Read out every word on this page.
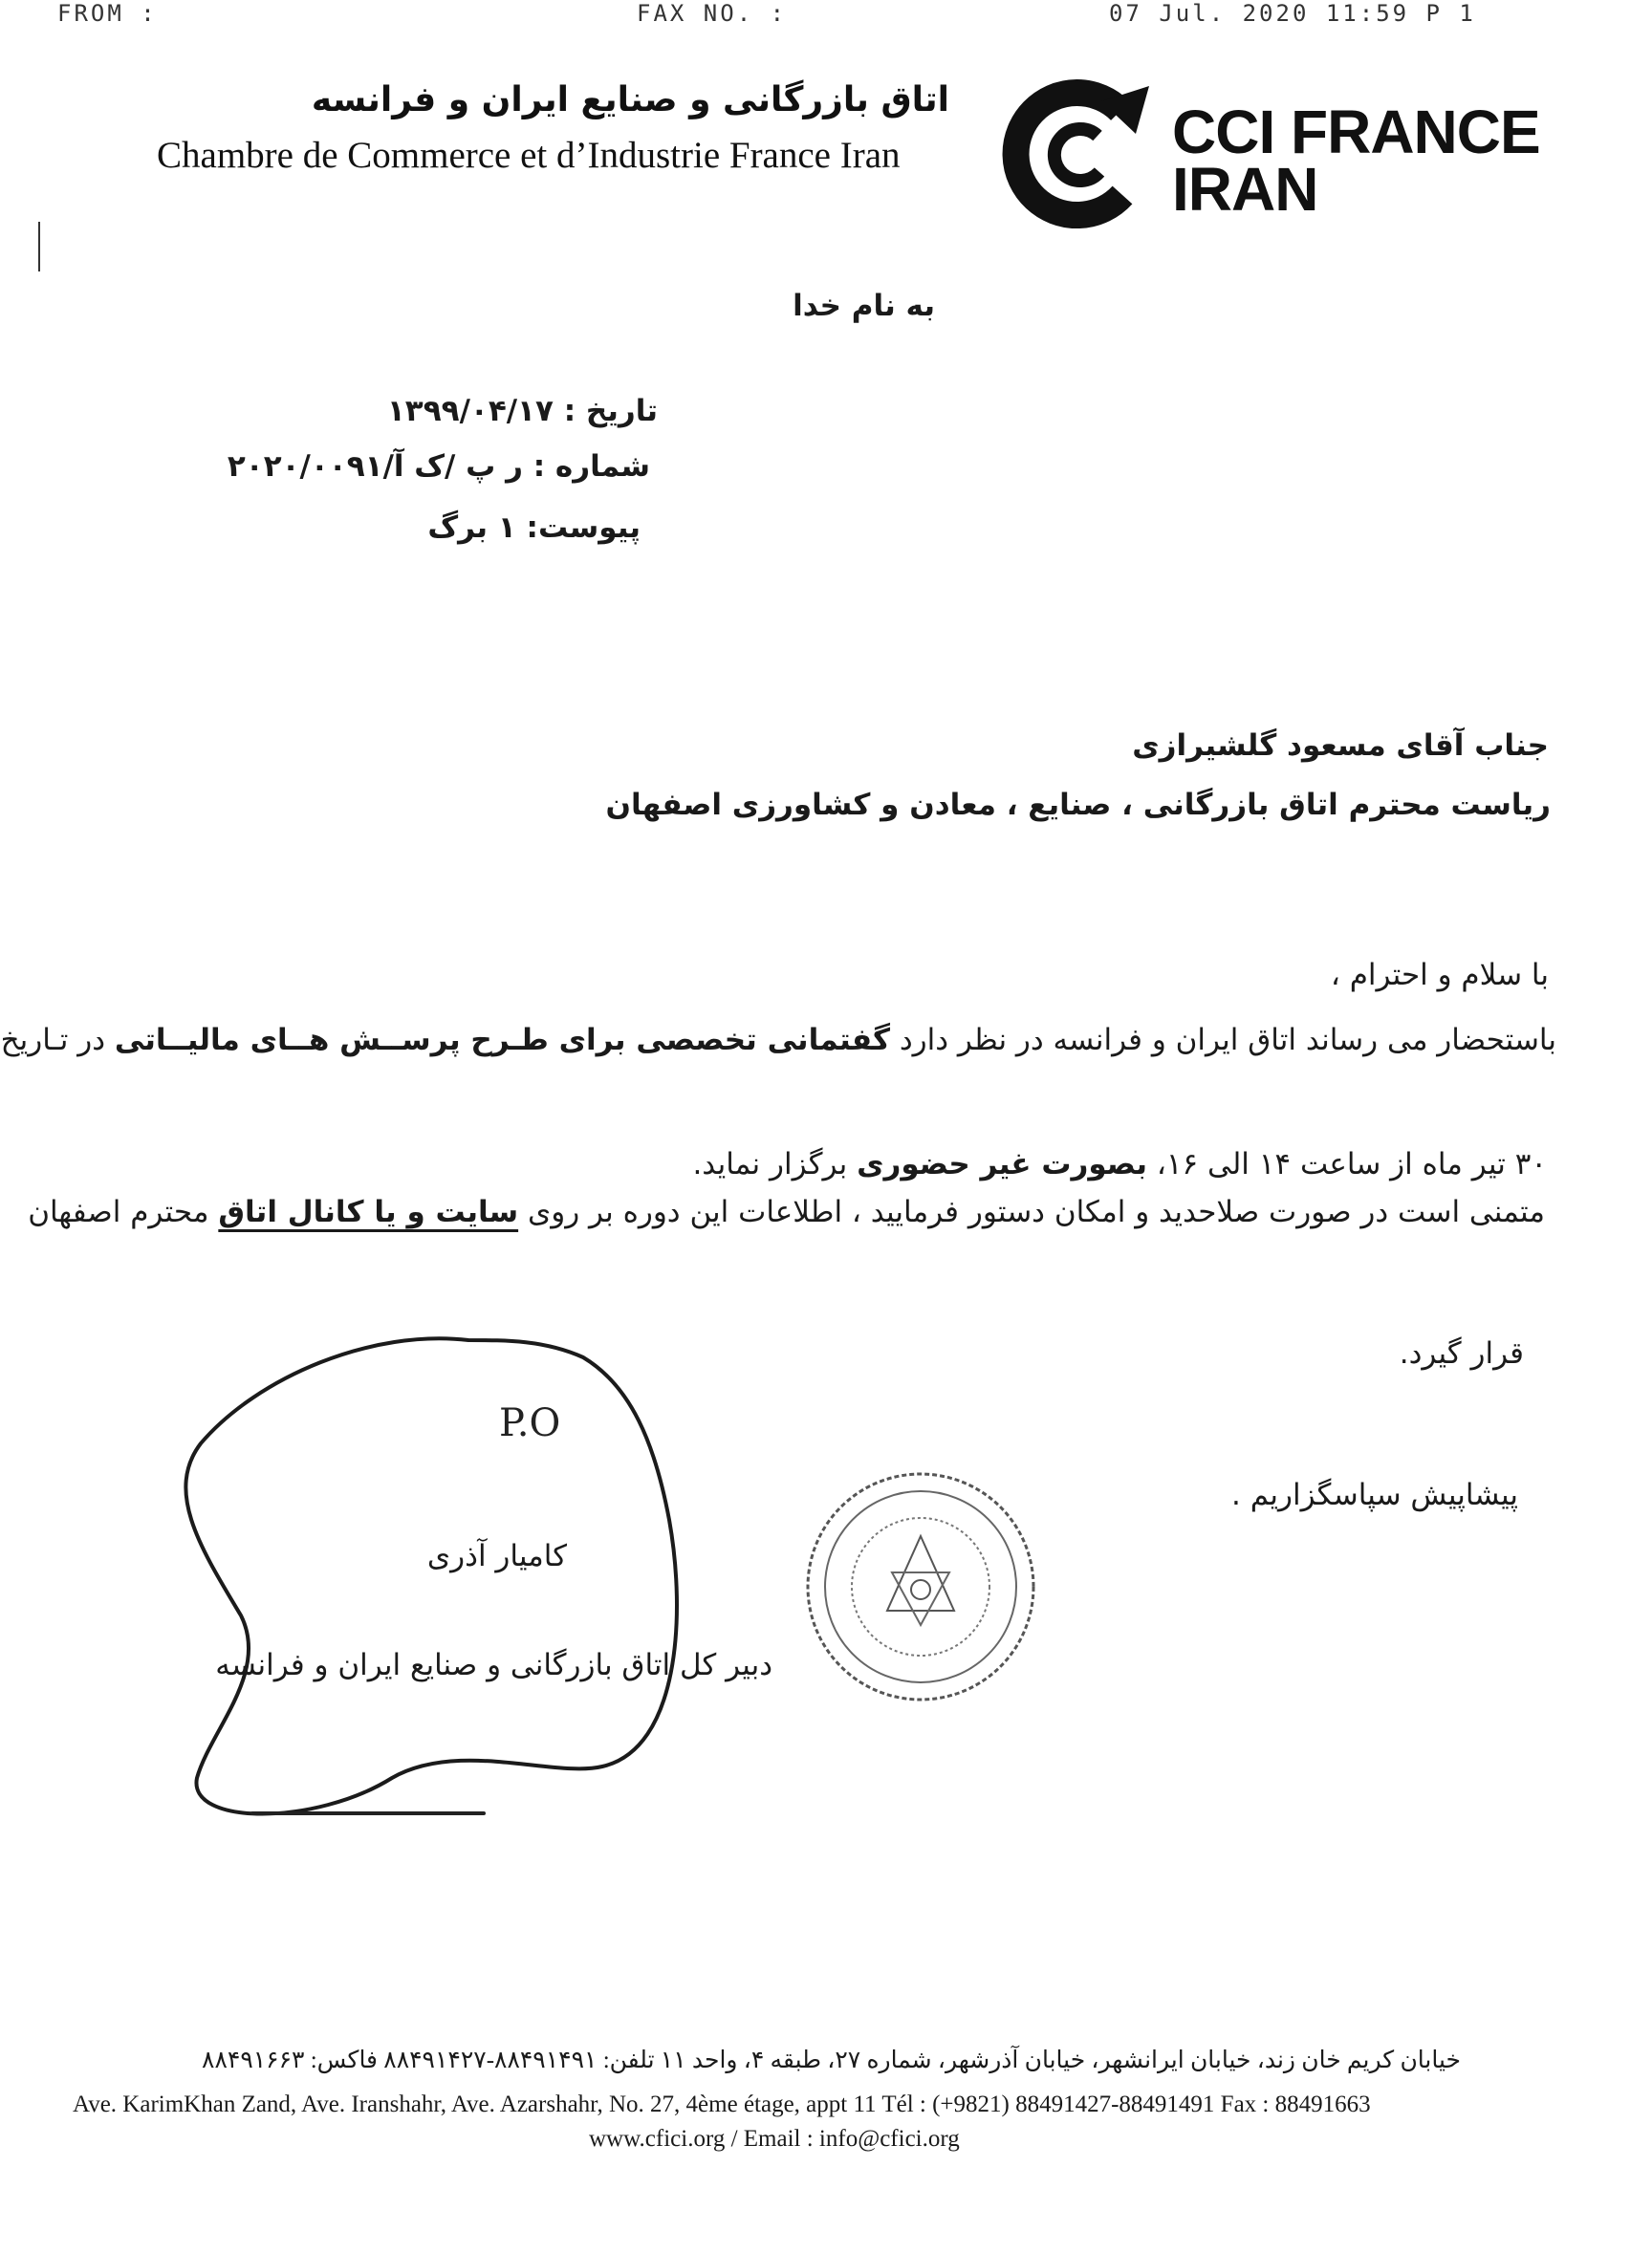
FROM :	FAX NO. :	07 Jul. 2020 11:59 P 1
اتاق بازرگانی و صنایع ایران و فرانسه
Chambre de Commerce et d’Industrie France Iran	CCI FRANCE
IRAN
به نام خدا
تاریخ : ۱۳۹۹/۰۴/۱۷
شماره : ر پ /ک آ/۲۰۲۰/۰۰۹۱
پیوست: ۱ برگ
جناب آقای مسعود گلشیرازی
ریاست محترم اتاق بازرگانی ، صنایع ، معادن و کشاورزی اصفهان
با سلام و احترام ،
باستحضار می رساند اتاق ایران و فرانسه در نظر دارد گفتمانی تخصصی برای طـرح پرســش هــای مالیــاتی در تـاریخ
۳۰ تیر ماه از ساعت ۱۴ الی ۱۶، بصورت غیر حضوری برگزار نماید.
متمنی است در صورت صلاحدید و امکان دستور فرمایید ، اطلاعات این دوره بر روی سایت و یا کانال اتاق محترم اصفهان
قرار گیرد.
پیشاپیش سپاسگزاریم .
P.O
کامیار آذری
دبیر کل اتاق بازرگانی و صنایع ایران و فرانسه
خیابان کریم خان زند، خیابان ایرانشهر، خیابان آذرشهر، شماره ۲۷، طبقه ۴، واحد ۱۱ تلفن: ۸۸۴۹۱۴۹۱-۸۸۴۹۱۴۲۷ فاکس: ۸۸۴۹۱۶۶۳
Ave. KarimKhan Zand, Ave. Iranshahr, Ave. Azarshahr, No. 27, 4ème étage, appt 11 Tél : (+9821) 88491427-88491491 Fax : 88491663
www.cfici.org / Email : info@cfici.org
